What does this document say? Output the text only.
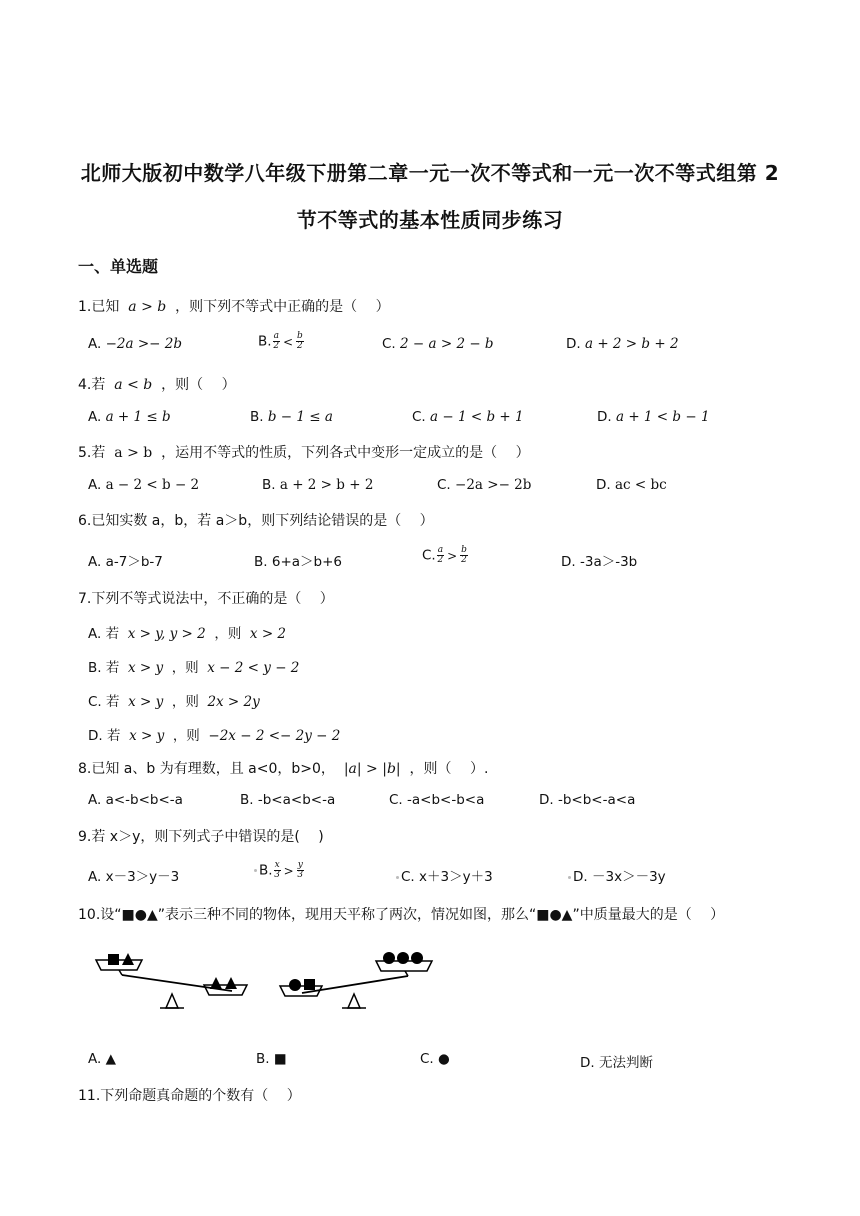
北师大版初中数学八年级下册第二章一元一次不等式和一元一次不等式组第 2
节不等式的基本性质同步练习
一、单选题
1.已知 a > b ，则下列不等式中正确的是（　 ）
A. −2a >− 2b	B. $\frac{a}{2} < \frac{b}{2}$	C. 2 − a > 2 − b	D. a + 2 > b + 2
4.若 a < b ，则（　 ）
A. a + 1 ≤ b	B. b − 1 ≤ a	C. a − 1 < b + 1	D. a + 1 < b − 1
5.若 a > b ，运用不等式的性质，下列各式中变形一定成立的是（　 ）
A. a − 2 < b − 2	B. a + 2 > b + 2	C. −2a >− 2b	D. ac < bc
6.已知实数 a，b，若 a＞b，则下列结论错误的是（　 ）
A. a-7＞b-7	B. 6+a＞b+6	C. $\frac{a}{2} > \frac{b}{2}$	D. -3a＞-3b
7.下列不等式说法中，不正确的是（　 ）
A. 若 x > y, y > 2 ，则 x > 2
B. 若 x > y ，则 x − 2 < y − 2
C. 若 x > y ，则 2x > 2y
D. 若 x > y ，则 −2x − 2 <− 2y − 2
8.已知 a、b 为有理数，且 a<0，b>0， |a| > |b| ，则（　 ）.
A. a<-b<b<-a	B. -b<a<b<-a	C. -a<b<-b<a	D. -b<b<-a<a
9.若 x＞y，则下列式子中错误的是(　 )
A. x－3＞y－3	B. $\frac{x}{3} > \frac{y}{3}$	C. x＋3＞y＋3	D. －3x＞－3y
10.设“■●▲”表示三种不同的物体，现用天平称了两次，情况如图，那么“■●▲”中质量最大的是（　 ）
A. ▲	B. ■	C. ●	D. 无法判断
11.下列命题真命题的个数有（　 ）
